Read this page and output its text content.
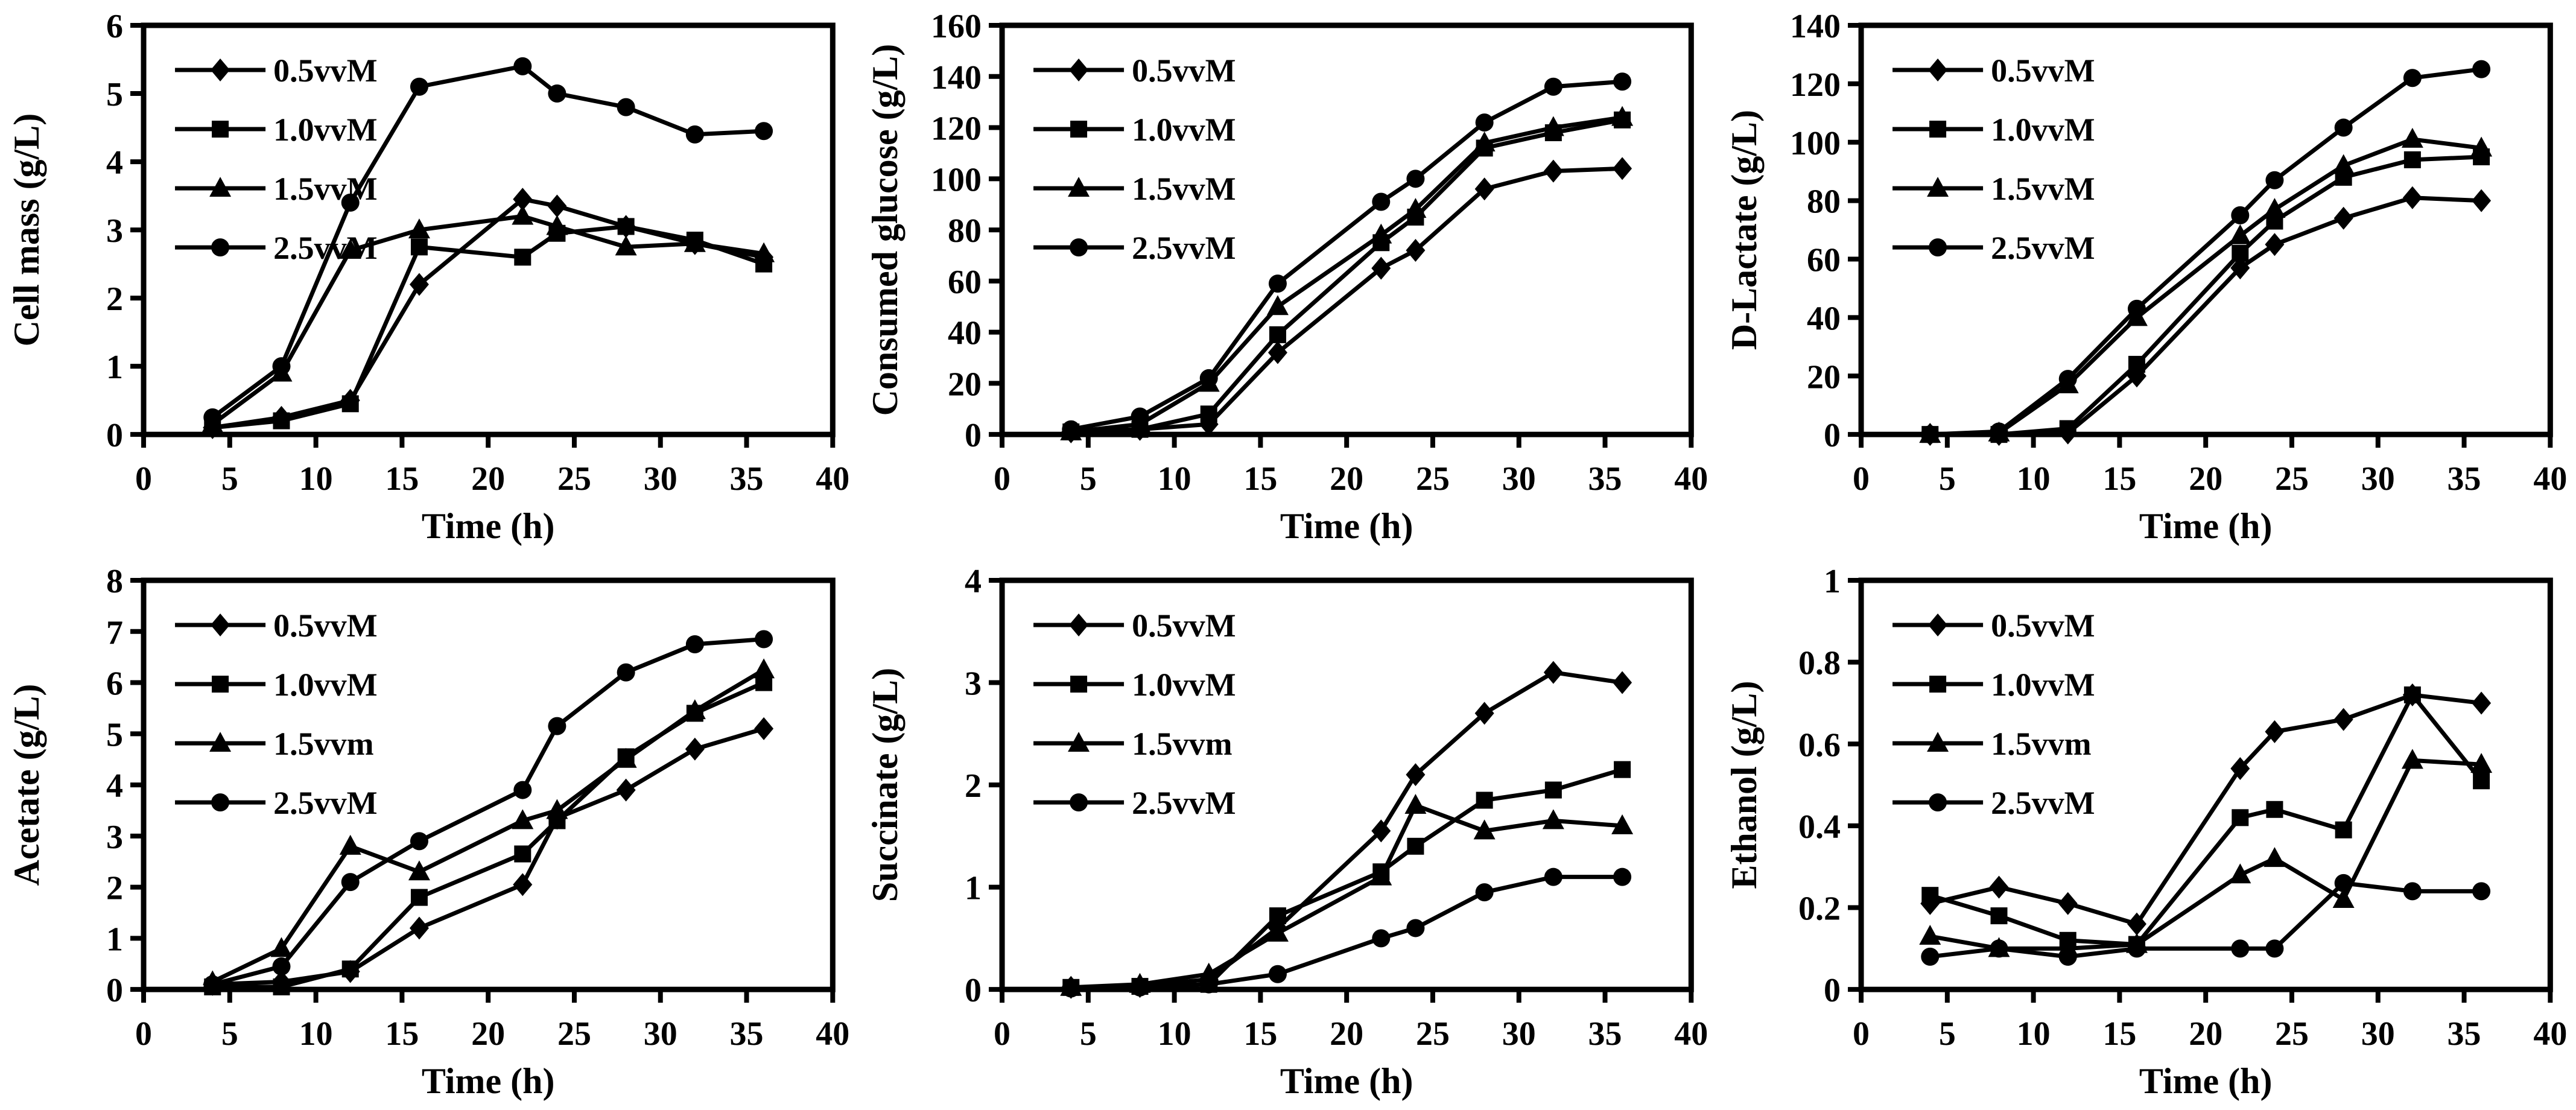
0 5 10 15 20 25 30 35 40
0
1
2
3
4
5
6
Time (h)
Cell mass (g/L)
0.5vvM
1.0vvM
1.5vvM
2.5vvM
0 5 10 15 20 25 30 35 40
0
20
40
60
80
100
120
140
160
Time (h)
Consumed glucose (g/L)	0.5vvM
1.0vvM
1.5vvM
2.5vvM
0 5 10 15 20 25 30 35 40
0
20
40
60
80
100
120
140
Time (h)
D-Lactate (g/L)
0.5vvM
1.0vvM
1.5vvM
2.5vvM
0 5 10 15 20 25 30 35 40
0
1
2
3
4
5
6
7
8
Time (h)
Acetate (g/L)
0.5vvM
1.0vvM
1.5vvm
2.5vvM
0 5 10 15 20 25 30 35 40
0
1
2
3
4
Time (h)
Succinate (g/L)
0.5vvM
1.0vvM
1.5vvm
2.5vvM
0 5 10 15 20 25 30 35 40
0
0.2
0.4
0.6
0.8
1
Time (h)
Ethanol (g/L)
0.5vvM
1.0vvM
1.5vvm
2.5vvM
